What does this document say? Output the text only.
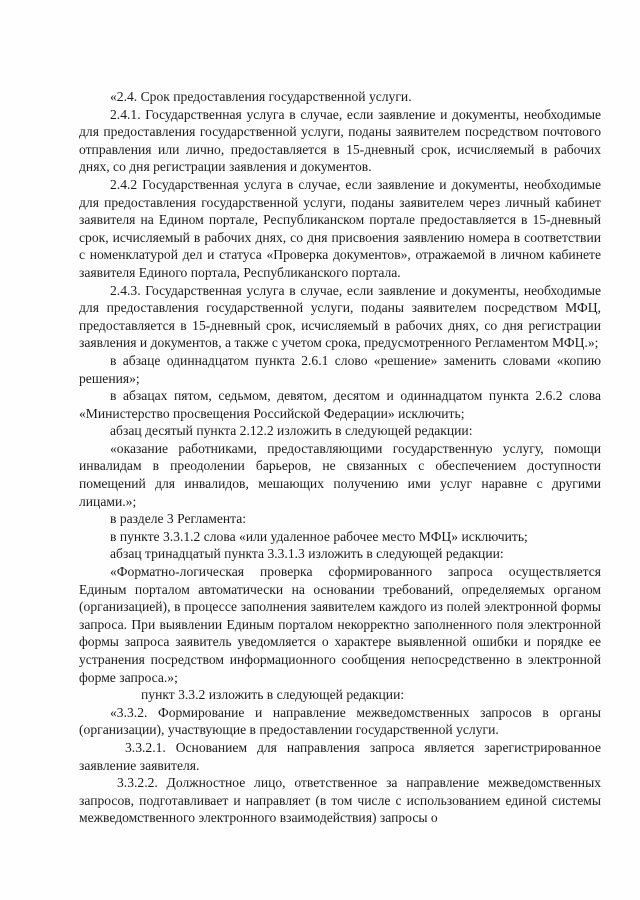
«2.4. Срок предоставления государственной услуги.

2.4.1. Государственная услуга в случае, если заявление и документы, необходимые для предоставления государственной услуги, поданы заявителем посредством почтового отправления или лично, предоставляется в 15-дневный срок, исчисляемый в рабочих днях, со дня регистрации заявления и документов.

2.4.2 Государственная услуга в случае, если заявление и документы, необходимые для предоставления государственной услуги, поданы заявителем через личный кабинет заявителя на Едином портале, Республиканском портале предоставляется в 15-дневный срок, исчисляемый в рабочих днях, со дня присвоения заявлению номера в соответствии с номенклатурой дел и статуса «Проверка документов», отражаемой в личном кабинете заявителя Единого портала, Республиканского портала.

2.4.3. Государственная услуга в случае, если заявление и документы, необходимые для предоставления государственной услуги, поданы заявителем посредством МФЦ, предоставляется в 15-дневный срок, исчисляемый в рабочих днях, со дня регистрации заявления и документов, а также с учетом срока, предусмотренного Регламентом МФЦ.»;

в абзаце одиннадцатом пункта 2.6.1 слово «решение» заменить словами «копию решения»;

в абзацах пятом, седьмом, девятом, десятом и одиннадцатом пункта 2.6.2 слова «Министерство просвещения Российской Федерации» исключить;

абзац десятый пункта 2.12.2 изложить в следующей редакции:

«оказание работниками, предоставляющими государственную услугу, помощи инвалидам в преодолении барьеров, не связанных с обеспечением доступности помещений для инвалидов, мешающих получению ими услуг наравне с другими лицами.»;

в разделе 3 Регламента:

в пункте 3.3.1.2 слова «или удаленное рабочее место МФЦ» исключить;

абзац тринадцатый пункта 3.3.1.3 изложить в следующей редакции:

«Форматно-логическая проверка сформированного запроса осуществляется Единым порталом автоматически на основании требований, определяемых органом (организацией), в процессе заполнения заявителем каждого из полей электронной формы запроса. При выявлении Единым порталом некорректно заполненного поля электронной формы запроса заявитель уведомляется о характере выявленной ошибки и порядке ее устранения посредством информационного сообщения непосредственно в электронной форме запроса.»;

пункт 3.3.2 изложить в следующей редакции:

«3.3.2. Формирование и направление межведомственных запросов в органы (организации), участвующие в предоставлении государственной услуги.

3.3.2.1. Основанием для направления запроса является зарегистрированное заявление заявителя.

3.3.2.2. Должностное лицо, ответственное за направление межведомственных запросов, подготавливает и направляет (в том числе с использованием единой системы межведомственного электронного взаимодействия) запросы о
